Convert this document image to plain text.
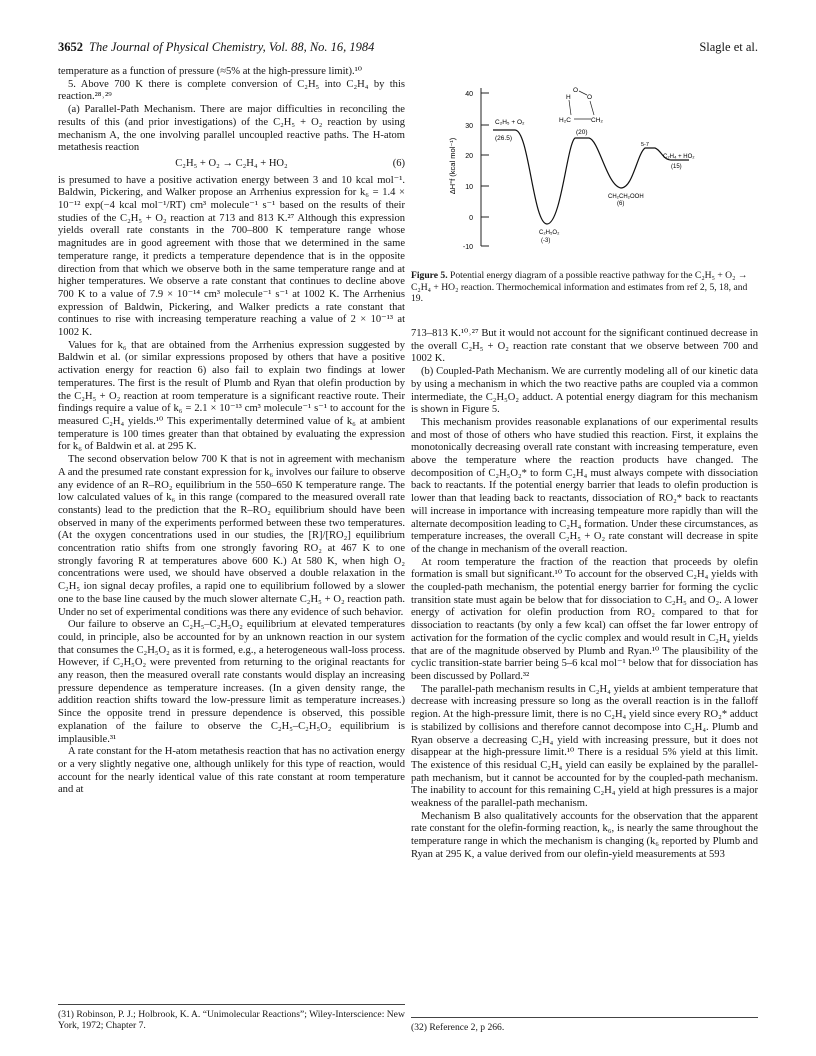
3652 The Journal of Physical Chemistry, Vol. 88, No. 16, 1984	Slagle et al.

temperature as a function of pressure (≈5% at the high-pressure limit).¹⁰

5. Above 700 K there is complete conversion of C₂H₅ into C₂H₄ by this reaction.²⁸˒²⁹

(a) Parallel-Path Mechanism. There are major difficulties in reconciling the results of this (and prior investigations) of the C₂H₅ + O₂ reaction by using mechanism A, the one involving parallel uncoupled reactive paths. The H-atom metathesis reaction

C₂H₅ + O₂ → C₂H₄ + HO₂	(6)

is presumed to have a positive activation energy between 3 and 10 kcal mol⁻¹. Baldwin, Pickering, and Walker propose an Arrhenius expression for k₆ = 1.4 × 10⁻¹² exp(−4 kcal mol⁻¹/RT) cm³ molecule⁻¹ s⁻¹ based on the results of their studies of the C₂H₅ + O₂ reaction at 713 and 813 K.²⁷ Although this expression yields overall rate constants in the 700–800 K temperature range whose magnitudes are in good agreement with those that we determined in the same temperature range, it predicts a temperature dependence that is in the opposite direction from that which we observe both in the same temperature range and at higher temperatures. We observe a rate constant that continues to decline above 700 K to a value of 7.9 × 10⁻¹⁴ cm³ molecule⁻¹ s⁻¹ at 1002 K. The Arrhenius expression of Baldwin, Pickering, and Walker predicts a rate constant that continues to rise with increasing temperature reaching a value of 2 × 10⁻¹³ at 1002 K.

Values for k₆ that are obtained from the Arrhenius expression suggested by Baldwin et al. (or similar expressions proposed by others that have a positive activation energy for reaction 6) also fail to explain two findings at lower temperatures. The first is the result of Plumb and Ryan that olefin production by the C₂H₅ + O₂ reaction at room temperature is a significant reactive route. Their findings require a value of k₆ = 2.1 × 10⁻¹³ cm³ molecule⁻¹ s⁻¹ to account for the measured C₂H₄ yields.¹⁰ This experimentally determined value of k₆ at ambient temperature is 100 times greater than that obtained by evaluating the expression for k₆ of Baldwin et al. at 295 K.

The second observation below 700 K that is not in agreement with mechanism A and the presumed rate constant expression for k₆ involves our failure to observe any evidence of an R–RO₂ equilibrium in the 550–650 K temperature range. The low calculated values of k₆ in this range (compared to the measured overall rate constants) lead to the prediction that the R–RO₂ equilibrium should have been observed in many of the experiments performed between these two temperatures. (At the oxygen concentrations used in our studies, the [R]/[RO₂] equilibrium concentration ratio shifts from one strongly favoring RO₂ at 467 K to one strongly favoring R at temperatures above 600 K.) At 580 K, when high O₂ concentrations were used, we should have observed a double relaxation in the C₂H₅ ion signal decay profiles, a rapid one to equilibrium followed by a slower one to the base line caused by the much slower alternate C₂H₅ + O₂ reaction path. Under no set of experimental conditions was there any evidence of such behavior.

Our failure to observe an C₂H₅–C₂H₅O₂ equilibrium at elevated temperatures could, in principle, also be accounted for by an unknown reaction in our system that consumes the C₂H₅O₂ as it is formed, e.g., a heterogeneous wall-loss process. However, if C₂H₅O₂ were prevented from returning to the original reactants for any reason, then the measured overall rate constants would display an increasing pressure dependence as temperature increases. (In a given density range, the addition reaction shifts toward the low-pressure limit as temperature increases.) Since the opposite trend in pressure dependence is observed, this possible explanation of the failure to observe the C₂H₅–C₂H₅O₂ equilibrium is implausible.³¹

A rate constant for the H-atom metathesis reaction that has no activation energy or a very slightly negative one, although unlikely for this type of reaction, would account for the nearly identical value of this rate constant at room temperature and at

40
30
20
10
0
-10
ΔH°f (kcal mol⁻¹)
C₂H₅ + O₂
(26.5)
C₂H₅O₂
(-3)
(20)
CH₂CH₂OOH
(6)
5-7
C₂H₄ + HO₂
(15)
H
O
O
H₂C	CH₂
Figure 5. Potential energy diagram of a possible reactive pathway for the C₂H₅ + O₂ → C₂H₄ + HO₂ reaction. Thermochemical information and estimates from ref 2, 5, 18, and 19.

713–813 K.¹⁰˒²⁷ But it would not account for the significant continued decrease in the overall C₂H₅ + O₂ reaction rate constant that we observe between 700 and 1002 K.

(b) Coupled-Path Mechanism. We are currently modeling all of our kinetic data by using a mechanism in which the two reactive paths are coupled via a common intermediate, the C₂H₅O₂ adduct. A potential energy diagram for this mechanism is shown in Figure 5.

This mechanism provides reasonable explanations of our experimental results and most of those of others who have studied this reaction. First, it explains the monotonically decreasing overall rate constant with increasing temperature, even above the temperature where the reaction products have changed. The decomposition of C₂H₅O₂* to form C₂H₄ must always compete with dissociation back to reactants. If the potential energy barrier that leads to olefin production is lower than that leading back to reactants, dissociation of RO₂* back to reactants will increase in importance with increasing tempeature more rapidly than will the alternate decomposition leading to C₂H₄ formation. Under these circumstances, as temperature increases, the overall C₂H₅ + O₂ rate constant will decrease in spite of the change in mechanism of the overall reaction.

At room temperature the fraction of the reaction that proceeds by olefin formation is small but significant.¹⁰ To account for the observed C₂H₄ yields with the coupled-path mechanism, the potential energy barrier for forming the cyclic transition state must again be below that for dissociation to C₂H₅ and O₂. A lower energy of activation for olefin production from RO₂ compared to that for dissociation to reactants (by only a few kcal) can offset the far lower entropy of activation for the formation of the cyclic complex and would result in C₂H₄ yields that are of the magnitude observed by Plumb and Ryan.¹⁰ The plausibility of the cyclic transition-state barrier being 5–6 kcal mol⁻¹ below that for dissociation has been discussed by Pollard.³²

The parallel-path mechanism results in C₂H₄ yields at ambient temperature that decrease with increasing pressure so long as the overall reaction is in the falloff region. At the high-pressure limit, there is no C₂H₄ yield since every RO₂* adduct is stabilized by collisions and therefore cannot decompose into C₂H₄. Plumb and Ryan observe a decreasing C₂H₄ yield with increasing pressure, but it does not disappear at the high-pressure limit.¹⁰ There is a residual 5% yield at this limit. The existence of this residual C₂H₄ yield can easily be explained by the parallel-path mechanism, but it cannot be accounted for by the coupled-path mechanism. The inability to account for this remaining C₂H₄ yield at high pressures is a major weakness of the parallel-path mechanism.

Mechanism B also qualitatively accounts for the observation that the apparent rate constant for the olefin-forming reaction, k₆, is nearly the same throughout the temperature range in which the mechanism is changing (k₆ reported by Plumb and Ryan at 295 K, a value derived from our olefin-yield measurements at 593

(31) Robinson, P. J.; Holbrook, K. A. “Unimolecular Reactions”; Wiley-Interscience: New York, 1972; Chapter 7.	(32) Reference 2, p 266.
